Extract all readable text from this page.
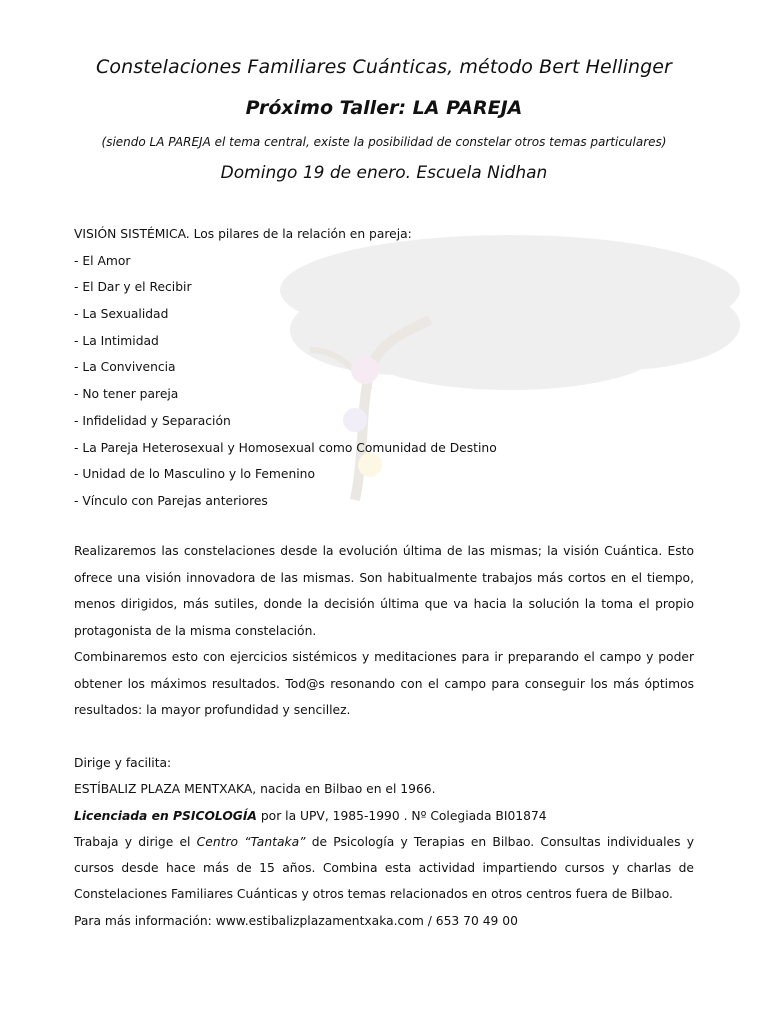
Constelaciones Familiares Cuánticas, método Bert Hellinger
Próximo Taller: LA PAREJA
(siendo LA PAREJA el tema central, existe la posibilidad de constelar otros temas particulares)
Domingo 19 de enero. Escuela Nidhan
VISIÓN SISTÉMICA. Los pilares de la relación en pareja:
- El Amor
- El Dar y el Recibir
- La Sexualidad
- La Intimidad
- La Convivencia
- No tener pareja
- Infidelidad y Separación
- La Pareja Heterosexual y Homosexual como Comunidad de Destino
- Unidad de lo Masculino y lo Femenino
- Vínculo con Parejas anteriores
Realizaremos las constelaciones desde la evolución última de las mismas; la visión Cuántica. Esto ofrece una visión innovadora de las mismas. Son habitualmente trabajos más cortos en el tiempo, menos dirigidos, más sutiles, donde la decisión última que va hacia la solución la toma el propio protagonista de la misma constelación.
Combinaremos esto con ejercicios sistémicos y meditaciones para ir preparando el campo y poder obtener los máximos resultados. Tod@s resonando con el campo para conseguir los más óptimos resultados: la mayor profundidad y sencillez.
Dirige y facilita:
ESTÍBALIZ PLAZA MENTXAKA, nacida en Bilbao en el 1966.
Licenciada en PSICOLOGÍA por la UPV, 1985-1990 . Nº Colegiada BI01874
Trabaja y dirige el Centro “Tantaka” de Psicología y Terapias en Bilbao. Consultas individuales y cursos desde hace más de 15 años. Combina esta actividad impartiendo cursos y charlas de Constelaciones Familiares Cuánticas y otros temas relacionados en otros centros fuera de Bilbao.
Para más información: www.estibalizplazamentxaka.com / 653 70 49 00
